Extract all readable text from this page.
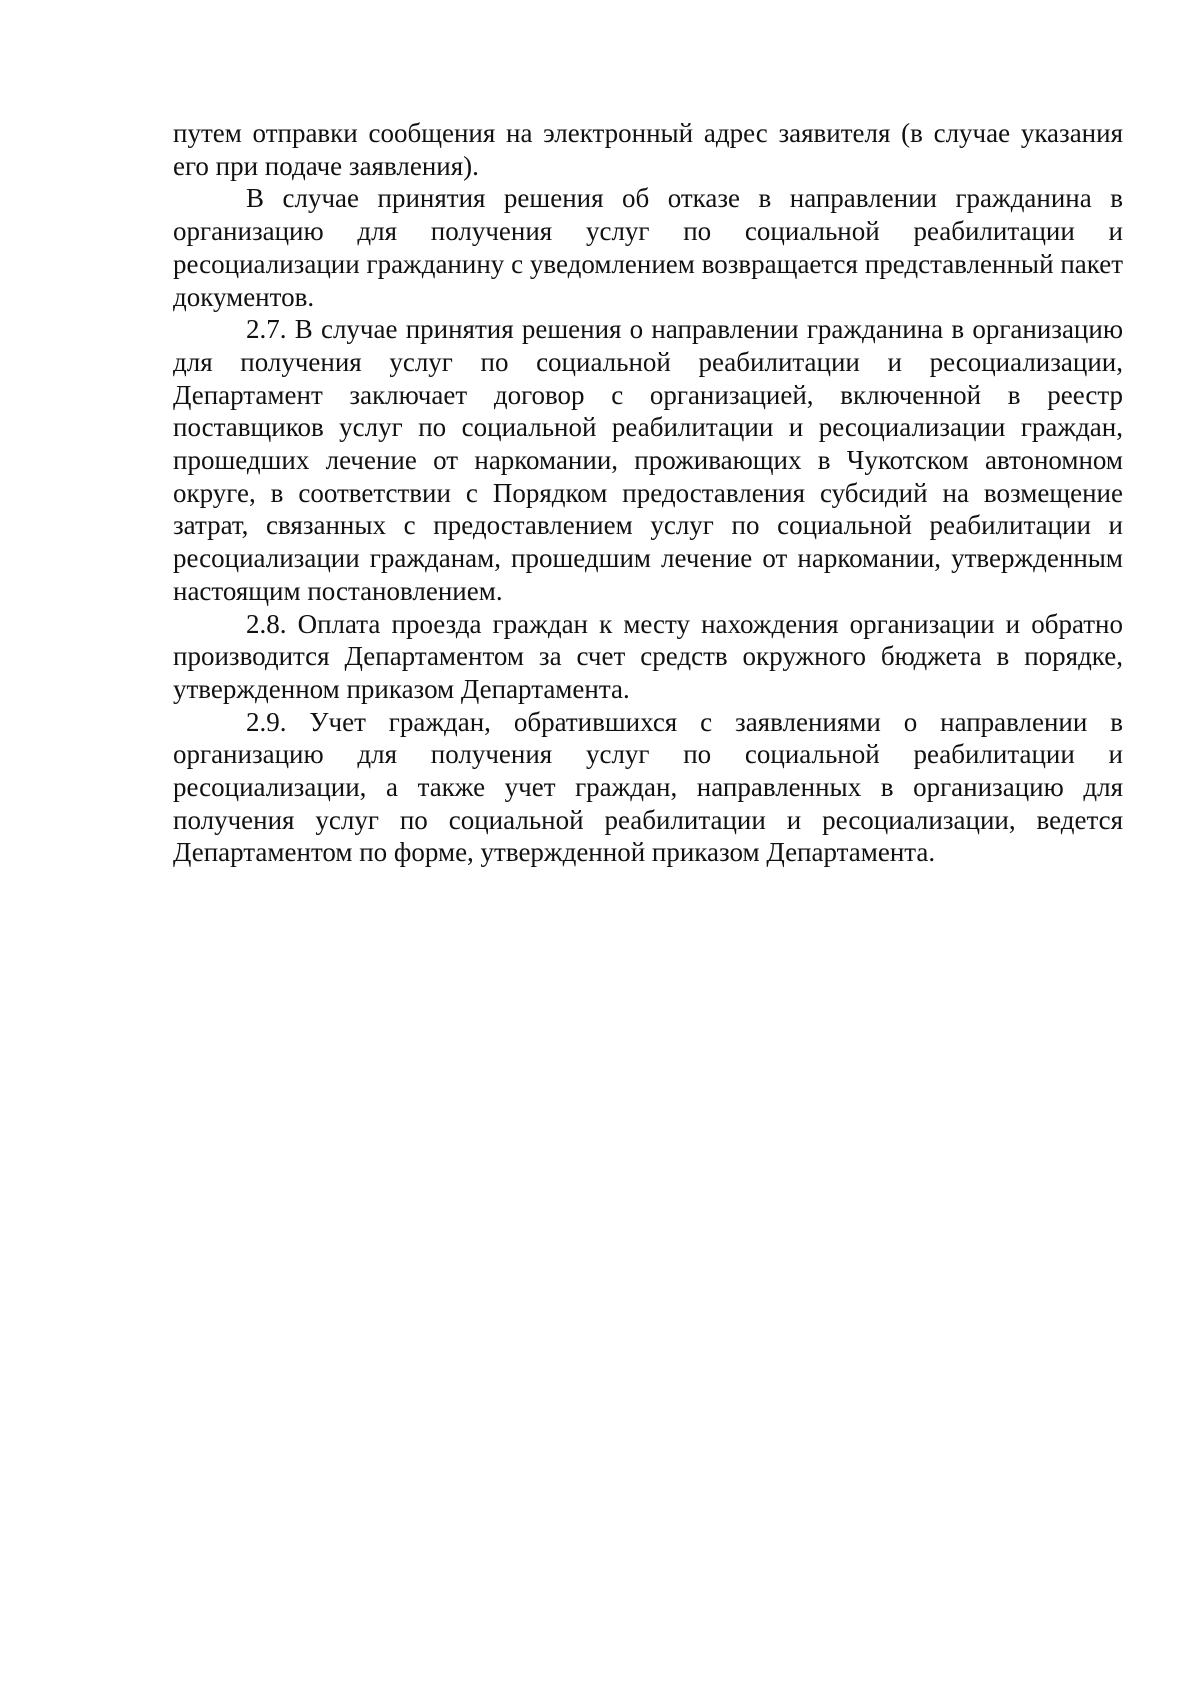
путем отправки сообщения на электронный адрес заявителя (в случае указания его при подаче заявления).

В случае принятия решения об отказе в направлении гражданина в организацию для получения услуг по социальной реабилитации и ресоциализации гражданину с уведомлением возвращается представленный пакет документов.

2.7. В случае принятия решения о направлении гражданина в организацию для получения услуг по социальной реабилитации и ресоциализации, Департамент заключает договор с организацией, включенной в реестр поставщиков услуг по социальной реабилитации и ресоциализации граждан, прошедших лечение от наркомании, проживающих в Чукотском автономном округе, в соответствии с Порядком предоставления субсидий на возмещение затрат, связанных с предоставлением услуг по социальной реабилитации и ресоциализации гражданам, прошедшим лечение от наркомании, утвержденным настоящим постановлением.

2.8. Оплата проезда граждан к месту нахождения организации и обратно производится Департаментом за счет средств окружного бюджета в порядке, утвержденном приказом Департамента.

2.9. Учет граждан, обратившихся с заявлениями о направлении в организацию для получения услуг по социальной реабилитации и ресоциализации, а также учет граждан, направленных в организацию для получения услуг по социальной реабилитации и ресоциализации, ведется Департаментом по форме, утвержденной приказом Департамента.
